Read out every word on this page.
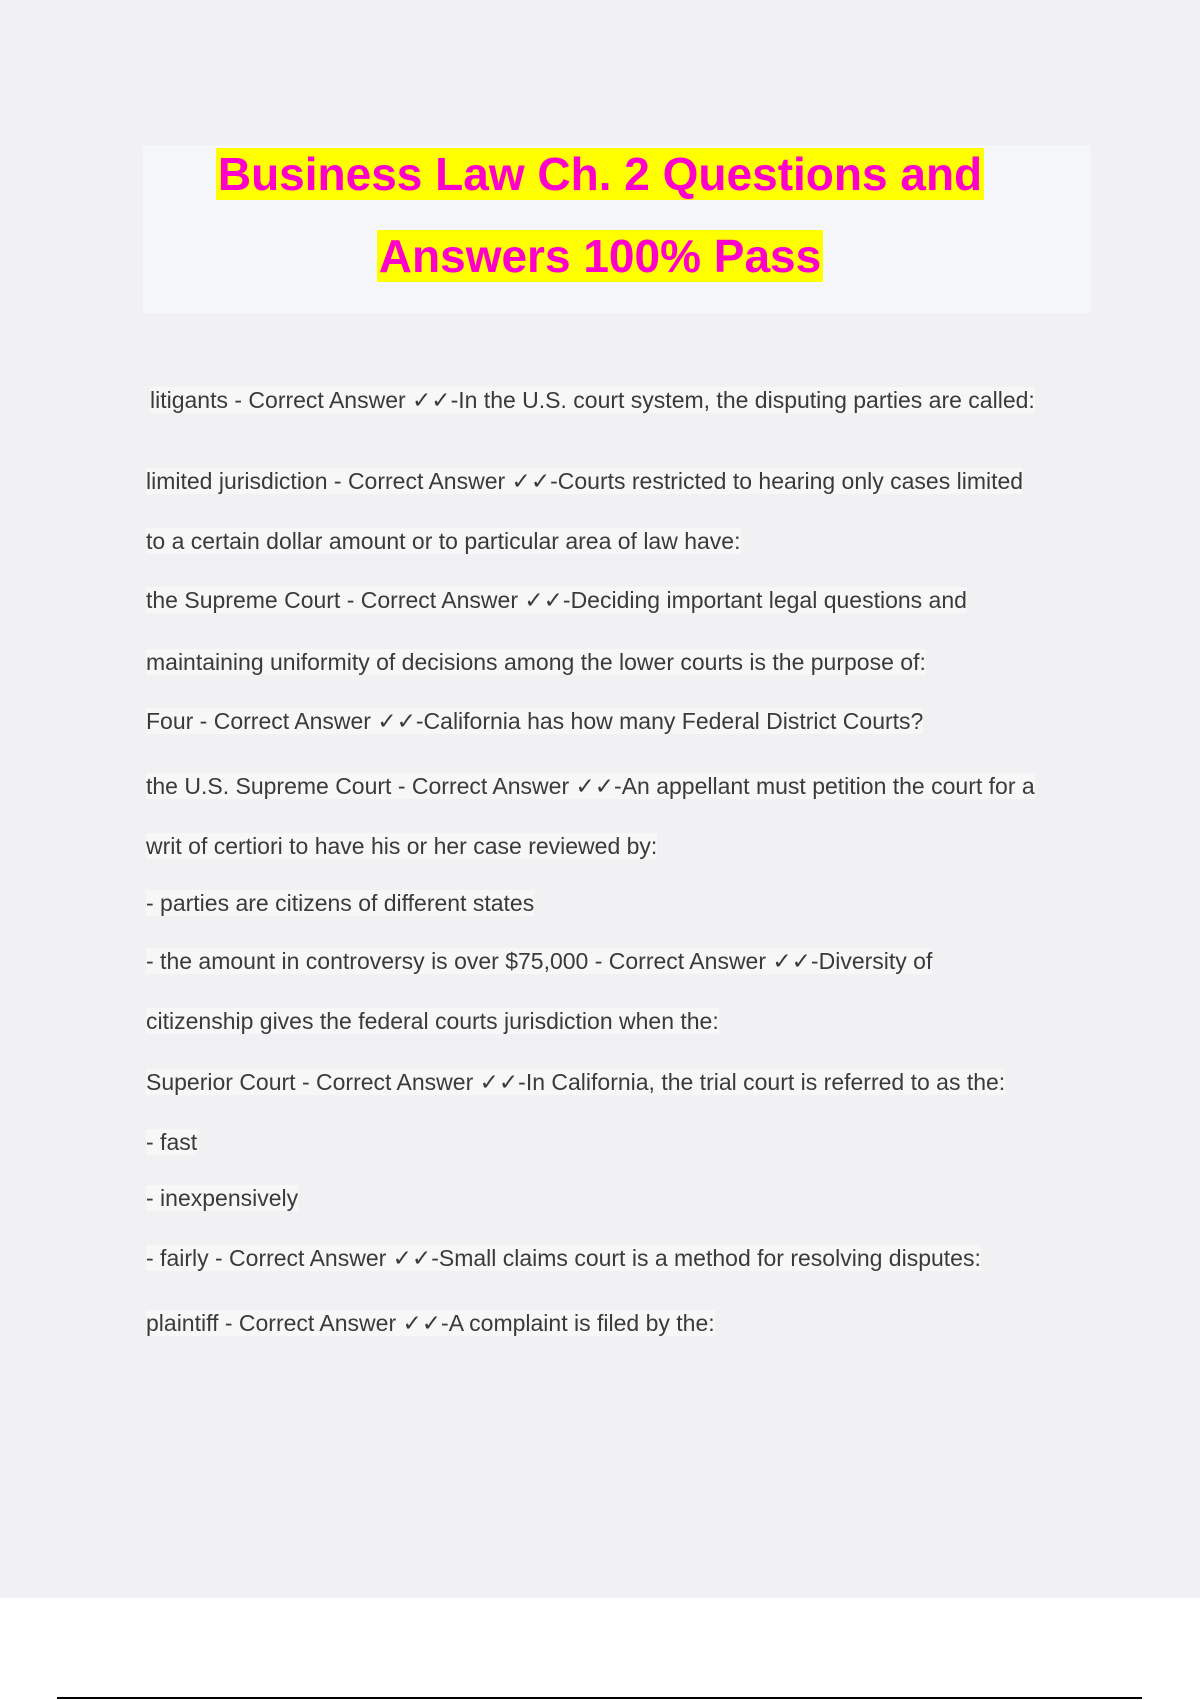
Business Law Ch. 2 Questions and
Answers 100% Pass
litigants - Correct Answer ✓✓-In the U.S. court system, the disputing parties are called:
limited jurisdiction - Correct Answer ✓✓-Courts restricted to hearing only cases limited
to a certain dollar amount or to particular area of law have:
the Supreme Court - Correct Answer ✓✓-Deciding important legal questions and
maintaining uniformity of decisions among the lower courts is the purpose of:
Four - Correct Answer ✓✓-California has how many Federal District Courts?
the U.S. Supreme Court - Correct Answer ✓✓-An appellant must petition the court for a
writ of certiori to have his or her case reviewed by:
- parties are citizens of different states
- the amount in controversy is over $75,000 - Correct Answer ✓✓-Diversity of
citizenship gives the federal courts jurisdiction when the:
Superior Court - Correct Answer ✓✓-In California, the trial court is referred to as the:
- fast
- inexpensively
- fairly - Correct Answer ✓✓-Small claims court is a method for resolving disputes:
plaintiff - Correct Answer ✓✓-A complaint is filed by the:
